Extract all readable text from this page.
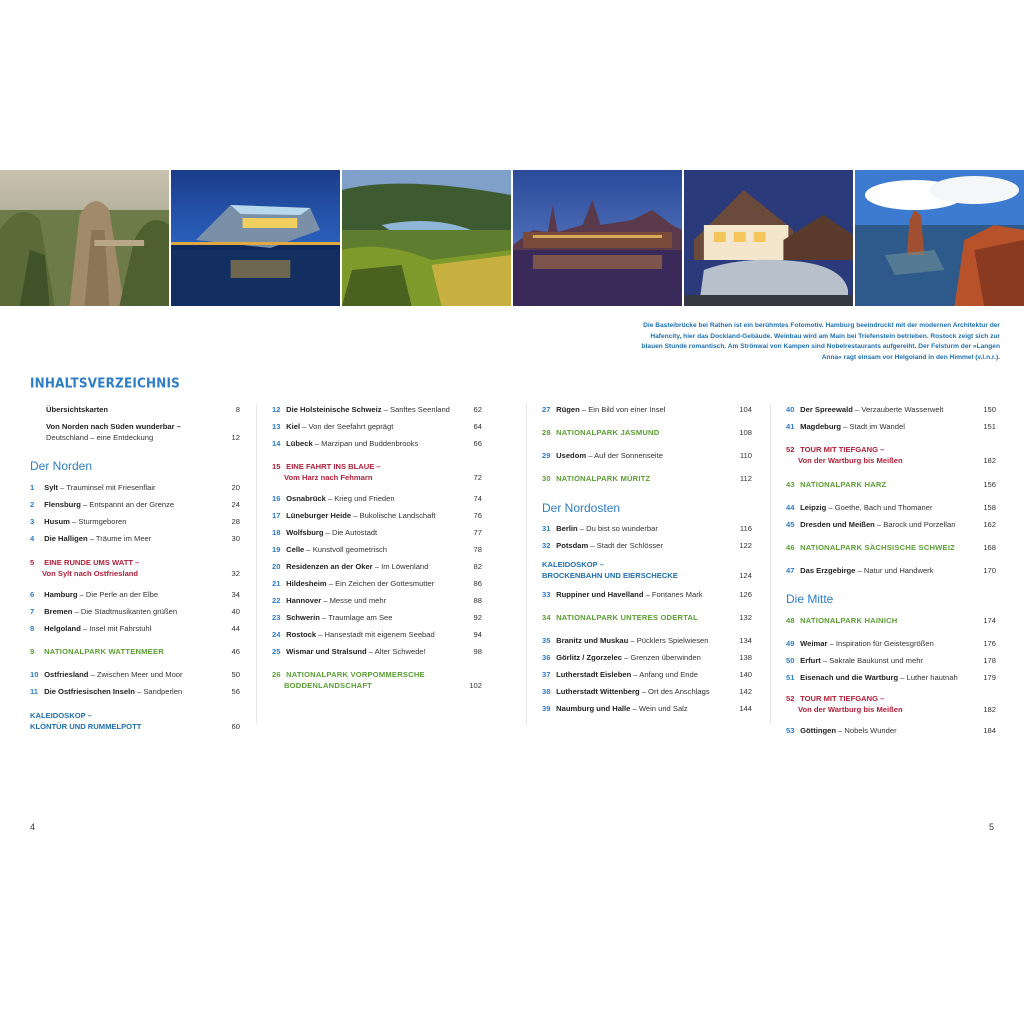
Die Basteibrücke bei Rathen ist ein berühmtes Fotomotiv. Hamburg beeindruckt mit der modernen Architektur der Hafencity, hier das Dockland-Gebäude. Weinbau wird am Main bei Triefenstein betrieben. Rostock zeigt sich zur blauen Stunde romantisch. Am Strönwai von Kampen sind Nobelrestaurants aufgereiht. Der Felsturm der »Langen Anna« ragt einsam vor Helgoland in den Himmel (v.l.n.r.).
INHALTSVERZEICHNIS
Übersichtskarten	8
Von Norden nach Süden wunderbar –
Deutschland – eine Entdeckung	12
Der Norden
1 Sylt – Trauminsel mit Friesenflair	20
2 Flensburg – Entspannt an der Grenze	24
3 Husum – Sturmgeboren	28
4 Die Halligen – Träume im Meer	30
5 EINE RUNDE UMS WATT –
Von Sylt nach Ostfriesland	32
6 Hamburg – Die Perle an der Elbe	34
7 Bremen – Die Stadtmusikanten grüßen	40
8 Helgoland – Insel mit Fahrstuhl	44
9 NATIONALPARK WATTENMEER	46
10 Ostfriesland – Zwischen Meer und Moor	50
11 Die Ostfriesischen Inseln – Sandperlen	56
KALEIDOSKOP –
KLÖNTÜR UND RUMMELPOTT	60
12 Die Holsteinische Schweiz – Sanftes Seenland	62
13 Kiel – Von der Seefahrt geprägt	64
14 Lübeck – Marzipan und Buddenbrooks	66
15 EINE FAHRT INS BLAUE –
Vom Harz nach Fehmarn	72
16 Osnabrück – Krieg und Frieden	74
17 Lüneburger Heide – Bukolische Landschaft	76
18 Wolfsburg – Die Autostadt	77
19 Celle – Kunstvoll geometrisch	78
20 Residenzen an der Oker – Im Löwenland	82
21 Hildesheim – Ein Zeichen der Gottesmutter	86
22 Hannover – Messe und mehr	88
23 Schwerin – Traumlage am See	92
24 Rostock – Hansestadt mit eigenem Seebad	94
25 Wismar und Stralsund – Alter Schwede!	98
26 NATIONALPARK VORPOMMERSCHE
BODDENLANDSCHAFT	102
27 Rügen – Ein Bild von einer Insel	104
28 NATIONALPARK JASMUND	108
29 Usedom – Auf der Sonnenseite	110
30 NATIONALPARK MÜRITZ	112
Der Nordosten
31 Berlin – Du bist so wunderbar	116
32 Potsdam – Stadt der Schlösser	122
KALEIDOSKOP –
BROCKENBAHN UND EIERSCHECKE	124
33 Ruppiner und Havelland – Fontanes Mark	126
34 NATIONALPARK UNTERES ODERTAL	132
35 Branitz und Muskau – Pücklers Spielwiesen	134
36 Görlitz / Zgorzelec – Grenzen überwinden	138
37 Lutherstadt Eisleben – Anfang und Ende	140
38 Lutherstadt Wittenberg – Ort des Anschlags	142
39 Naumburg und Halle – Wein und Salz	144
40 Der Spreewald – Verzauberte Wasserwelt	150
41 Magdeburg – Stadt im Wandel	151
52 TOUR MIT TIEFGANG –
Von der Wartburg bis Meißen	182
43 NATIONALPARK HARZ	156
44 Leipzig – Goethe, Bach und Thomaner	158
45 Dresden und Meißen – Barock und Porzellan	162
46 NATIONALPARK SÄCHSISCHE SCHWEIZ	168
47 Das Erzgebirge – Natur und Handwerk	170
Die Mitte
48 NATIONALPARK HAINICH	174
49 Weimar – Inspiration für Geistesgrößen	176
50 Erfurt – Sakrale Baukunst und mehr	178
51 Eisenach und die Wartburg – Luther hautnah	179
52 TOUR MIT TIEFGANG –
Von der Wartburg bis Meißen	182
53 Göttingen – Nobels Wunder	184
4	5
